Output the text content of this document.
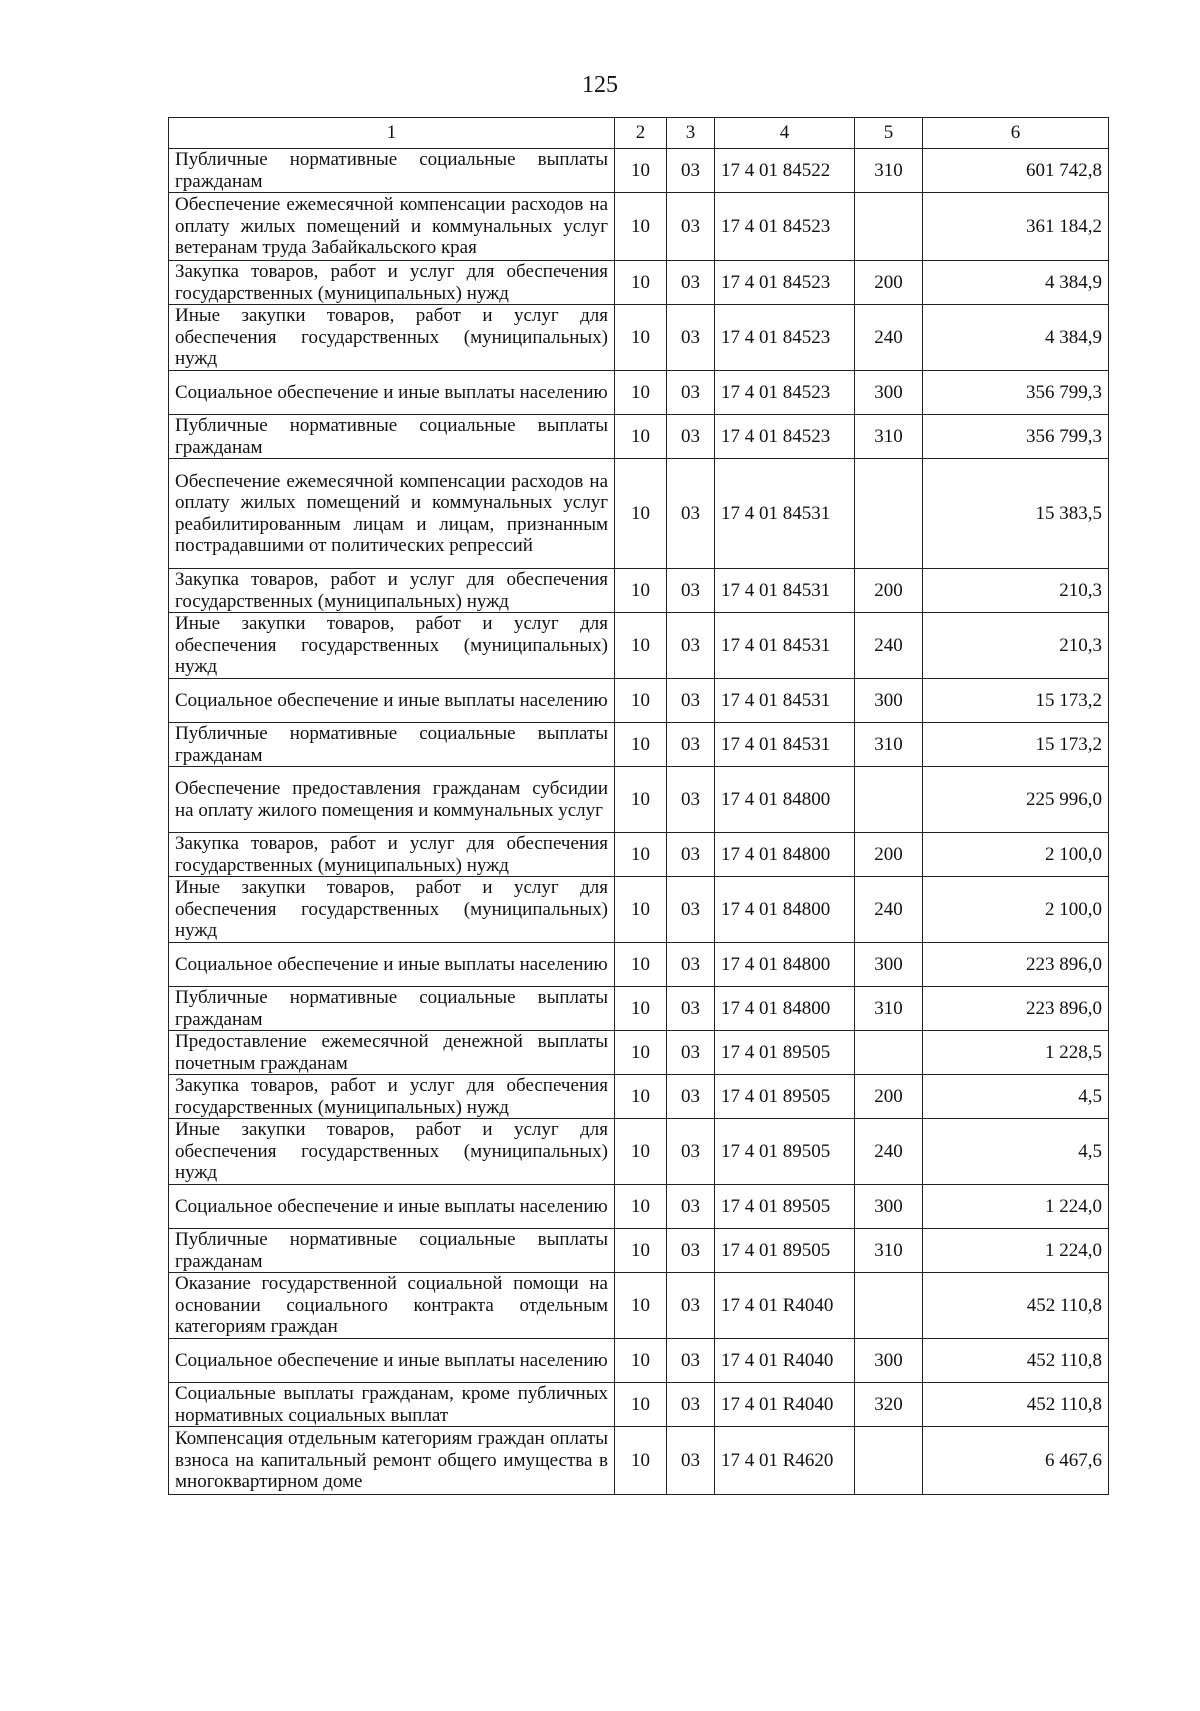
125
1	2	3	4	5	6
Публичные нормативные социальные выплаты гражданам	10	03	17 4 01 84522	310	601 742,8
Обеспечение ежемесячной компенсации расходов на оплату жилых помещений и коммунальных услуг ветеранам труда Забайкальского края	10	03	17 4 01 84523		361 184,2
Закупка товаров, работ и услуг для обеспечения государственных (муниципальных) нужд	10	03	17 4 01 84523	200	4 384,9
Иные закупки товаров, работ и услуг для обеспечения государственных (муниципальных) нужд	10	03	17 4 01 84523	240	4 384,9
Социальное обеспечение и иные выплаты населению	10	03	17 4 01 84523	300	356 799,3
Публичные нормативные социальные выплаты гражданам	10	03	17 4 01 84523	310	356 799,3
Обеспечение ежемесячной компенсации расходов на оплату жилых помещений и коммунальных услуг реабилитированным лицам и лицам, признанным пострадавшими от политических репрессий	10	03	17 4 01 84531		15 383,5
Закупка товаров, работ и услуг для обеспечения государственных (муниципальных) нужд	10	03	17 4 01 84531	200	210,3
Иные закупки товаров, работ и услуг для обеспечения государственных (муниципальных) нужд	10	03	17 4 01 84531	240	210,3
Социальное обеспечение и иные выплаты населению	10	03	17 4 01 84531	300	15 173,2
Публичные нормативные социальные выплаты гражданам	10	03	17 4 01 84531	310	15 173,2
Обеспечение предоставления гражданам субсидии на оплату жилого помещения и коммунальных услуг	10	03	17 4 01 84800		225 996,0
Закупка товаров, работ и услуг для обеспечения государственных (муниципальных) нужд	10	03	17 4 01 84800	200	2 100,0
Иные закупки товаров, работ и услуг для обеспечения государственных (муниципальных) нужд	10	03	17 4 01 84800	240	2 100,0
Социальное обеспечение и иные выплаты населению	10	03	17 4 01 84800	300	223 896,0
Публичные нормативные социальные выплаты гражданам	10	03	17 4 01 84800	310	223 896,0
Предоставление ежемесячной денежной выплаты почетным гражданам	10	03	17 4 01 89505		1 228,5
Закупка товаров, работ и услуг для обеспечения государственных (муниципальных) нужд	10	03	17 4 01 89505	200	4,5
Иные закупки товаров, работ и услуг для обеспечения государственных (муниципальных) нужд	10	03	17 4 01 89505	240	4,5
Социальное обеспечение и иные выплаты населению	10	03	17 4 01 89505	300	1 224,0
Публичные нормативные социальные выплаты гражданам	10	03	17 4 01 89505	310	1 224,0
Оказание государственной социальной помощи на основании социального контракта отдельным категориям граждан	10	03	17 4 01 R4040		452 110,8
Социальное обеспечение и иные выплаты населению	10	03	17 4 01 R4040	300	452 110,8
Социальные выплаты гражданам, кроме публичных нормативных социальных выплат	10	03	17 4 01 R4040	320	452 110,8
Компенсация отдельным категориям граждан оплаты взноса на капитальный ремонт общего имущества в многоквартирном доме	10	03	17 4 01 R4620		6 467,6
